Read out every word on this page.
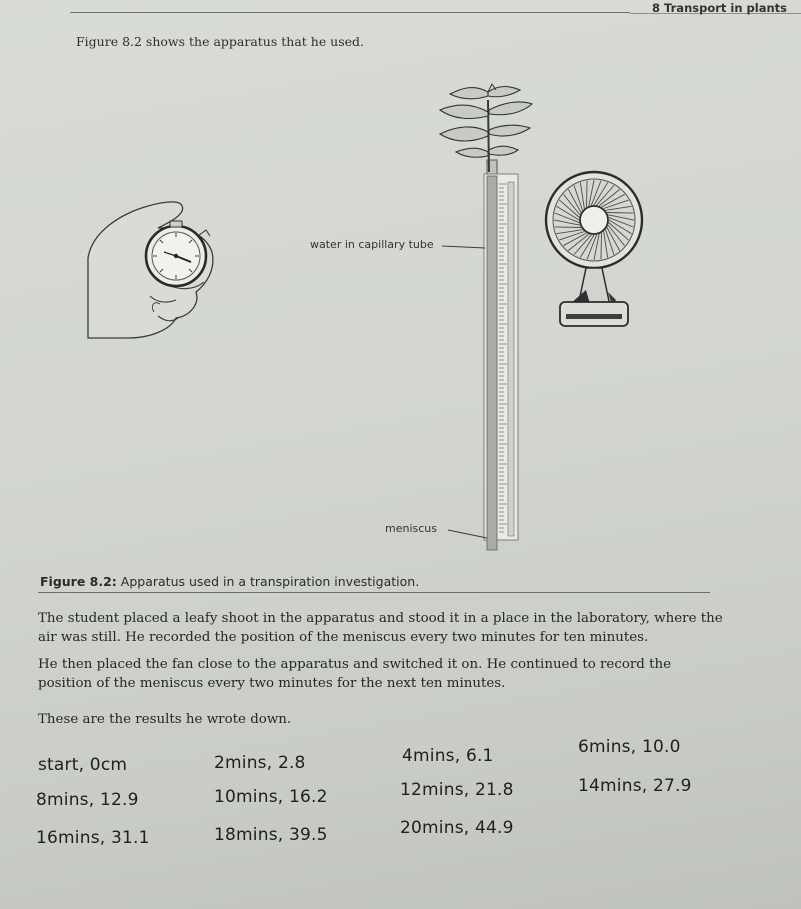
8 Transport in plants
Figure 8.2 shows the apparatus that he used.
water in capillary tube
meniscus
Figure 8.2: Apparatus used in a transpiration investigation.
The student placed a leafy shoot in the apparatus and stood it in a place in the laboratory, where the air was still. He recorded the position of the meniscus every two minutes for ten minutes.
He then placed the fan close to the apparatus and switched it on. He continued to record the position of the meniscus every two minutes for the next ten minutes.
These are the results he wrote down.
start, 0cm	2mins, 2.8	4mins, 6.1	6mins, 10.0
8mins, 12.9	10mins, 16.2	12mins, 21.8	14mins, 27.9
16mins, 31.1	18mins, 39.5	20mins, 44.9
